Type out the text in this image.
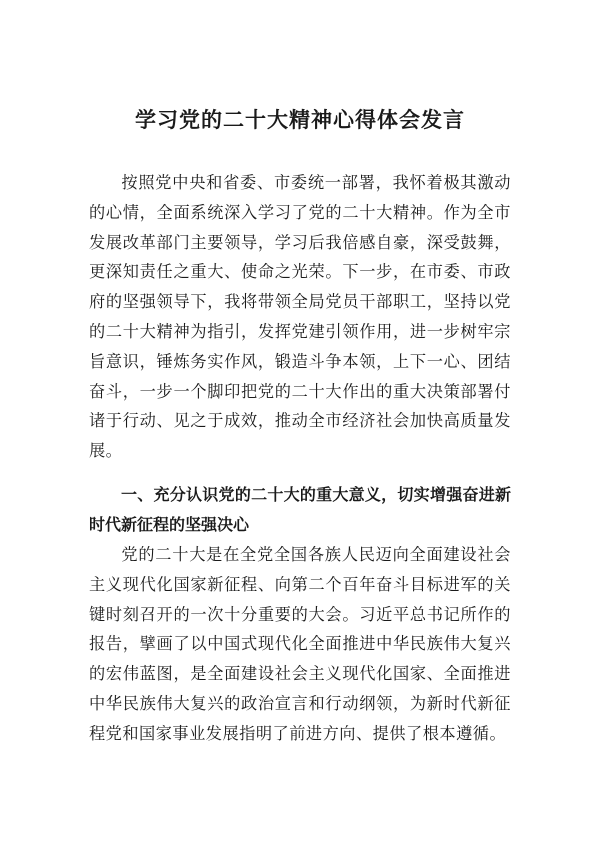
学习党的二十大精神心得体会发言

按照党中央和省委、市委统一部署，我怀着极其激动的心情，全面系统深入学习了党的二十大精神。作为全市发展改革部门主要领导，学习后我倍感自豪，深受鼓舞，更深知责任之重大、使命之光荣。下一步，在市委、市政府的坚强领导下，我将带领全局党员干部职工，坚持以党的二十大精神为指引，发挥党建引领作用，进一步树牢宗旨意识，锤炼务实作风，锻造斗争本领，上下一心、团结奋斗，一步一个脚印把党的二十大作出的重大决策部署付诸于行动、见之于成效，推动全市经济社会加快高质量发展。

一、充分认识党的二十大的重大意义，切实增强奋进新时代新征程的坚强决心

党的二十大是在全党全国各族人民迈向全面建设社会主义现代化国家新征程、向第二个百年奋斗目标进军的关键时刻召开的一次十分重要的大会。习近平总书记所作的报告，擘画了以中国式现代化全面推进中华民族伟大复兴的宏伟蓝图，是全面建设社会主义现代化国家、全面推进中华民族伟大复兴的政治宣言和行动纲领，为新时代新征程党和国家事业发展指明了前进方向、提供了根本遵循。
